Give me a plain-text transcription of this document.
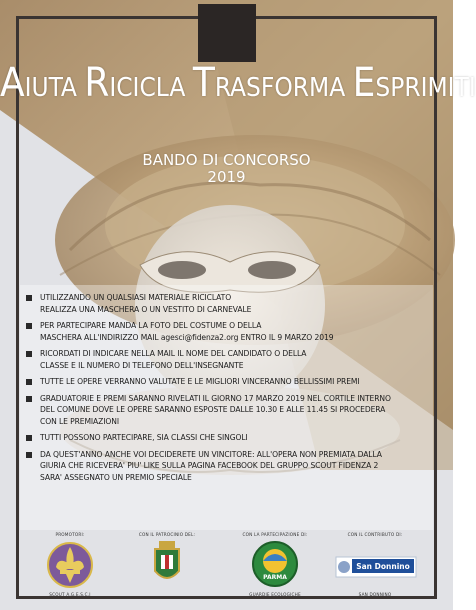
AIUTA RICICLA TRASFORMA ESPRIMITI
BANDO DI CONCORSO
2019
UTILIZZANDO UN QUALSIASI MATERIALE RICICLATO
REALIZZA UNA MASCHERA O UN VESTITO DI CARNEVALE
PER PARTECIPARE MANDA LA FOTO DEL COSTUME O DELLA
MASCHERA ALL'INDIRIZZO MAIL agesci@fidenza2.org ENTRO IL 9 MARZO 2019
RICORDATI DI INDICARE NELLA MAIL IL NOME DEL CANDIDATO O DELLA
CLASSE E IL NUMERO DI TELEFONO DELL'INSEGNANTE
TUTTE LE OPERE VERRANNO VALUTATE E LE MIGLIORI VINCERANNO BELLISSIMI PREMI
GRADUATORIE E PREMI SARANNO RIVELATI IL GIORNO 17 MARZO 2019 NEL CORTILE INTERNO
DEL COMUNE DOVE LE OPERE SARANNO ESPOSTE DALLE 10.30 E ALLE 11.45 SI PROCEDERA
CON LE PREMIAZIONI
TUTTI POSSONO PARTECIPARE, SIA CLASSI CHE SINGOLI
DA QUEST'ANNO ANCHE VOI DECIDERETE UN VINCITORE: ALL'OPERA NON PREMIATA DALLA
GIURIA CHE RICEVERA' PIU' LIKE SULLA PAGINA FACEBOOK DEL GRUPPO SCOUT FIDENZA 2
SARA' ASSEGNATO UN PREMIO SPECIALE
PROMOTORI:
SCOUT A.G.E.S.C.I
CON IL PATROCINIO DEL:	CON LA PARTECIPAZIONE DI:
PARMA
GUARDIE ECOLOGICHE
CON IL CONTRIBUTO DI:
San Donnino
SAN DONNINO
